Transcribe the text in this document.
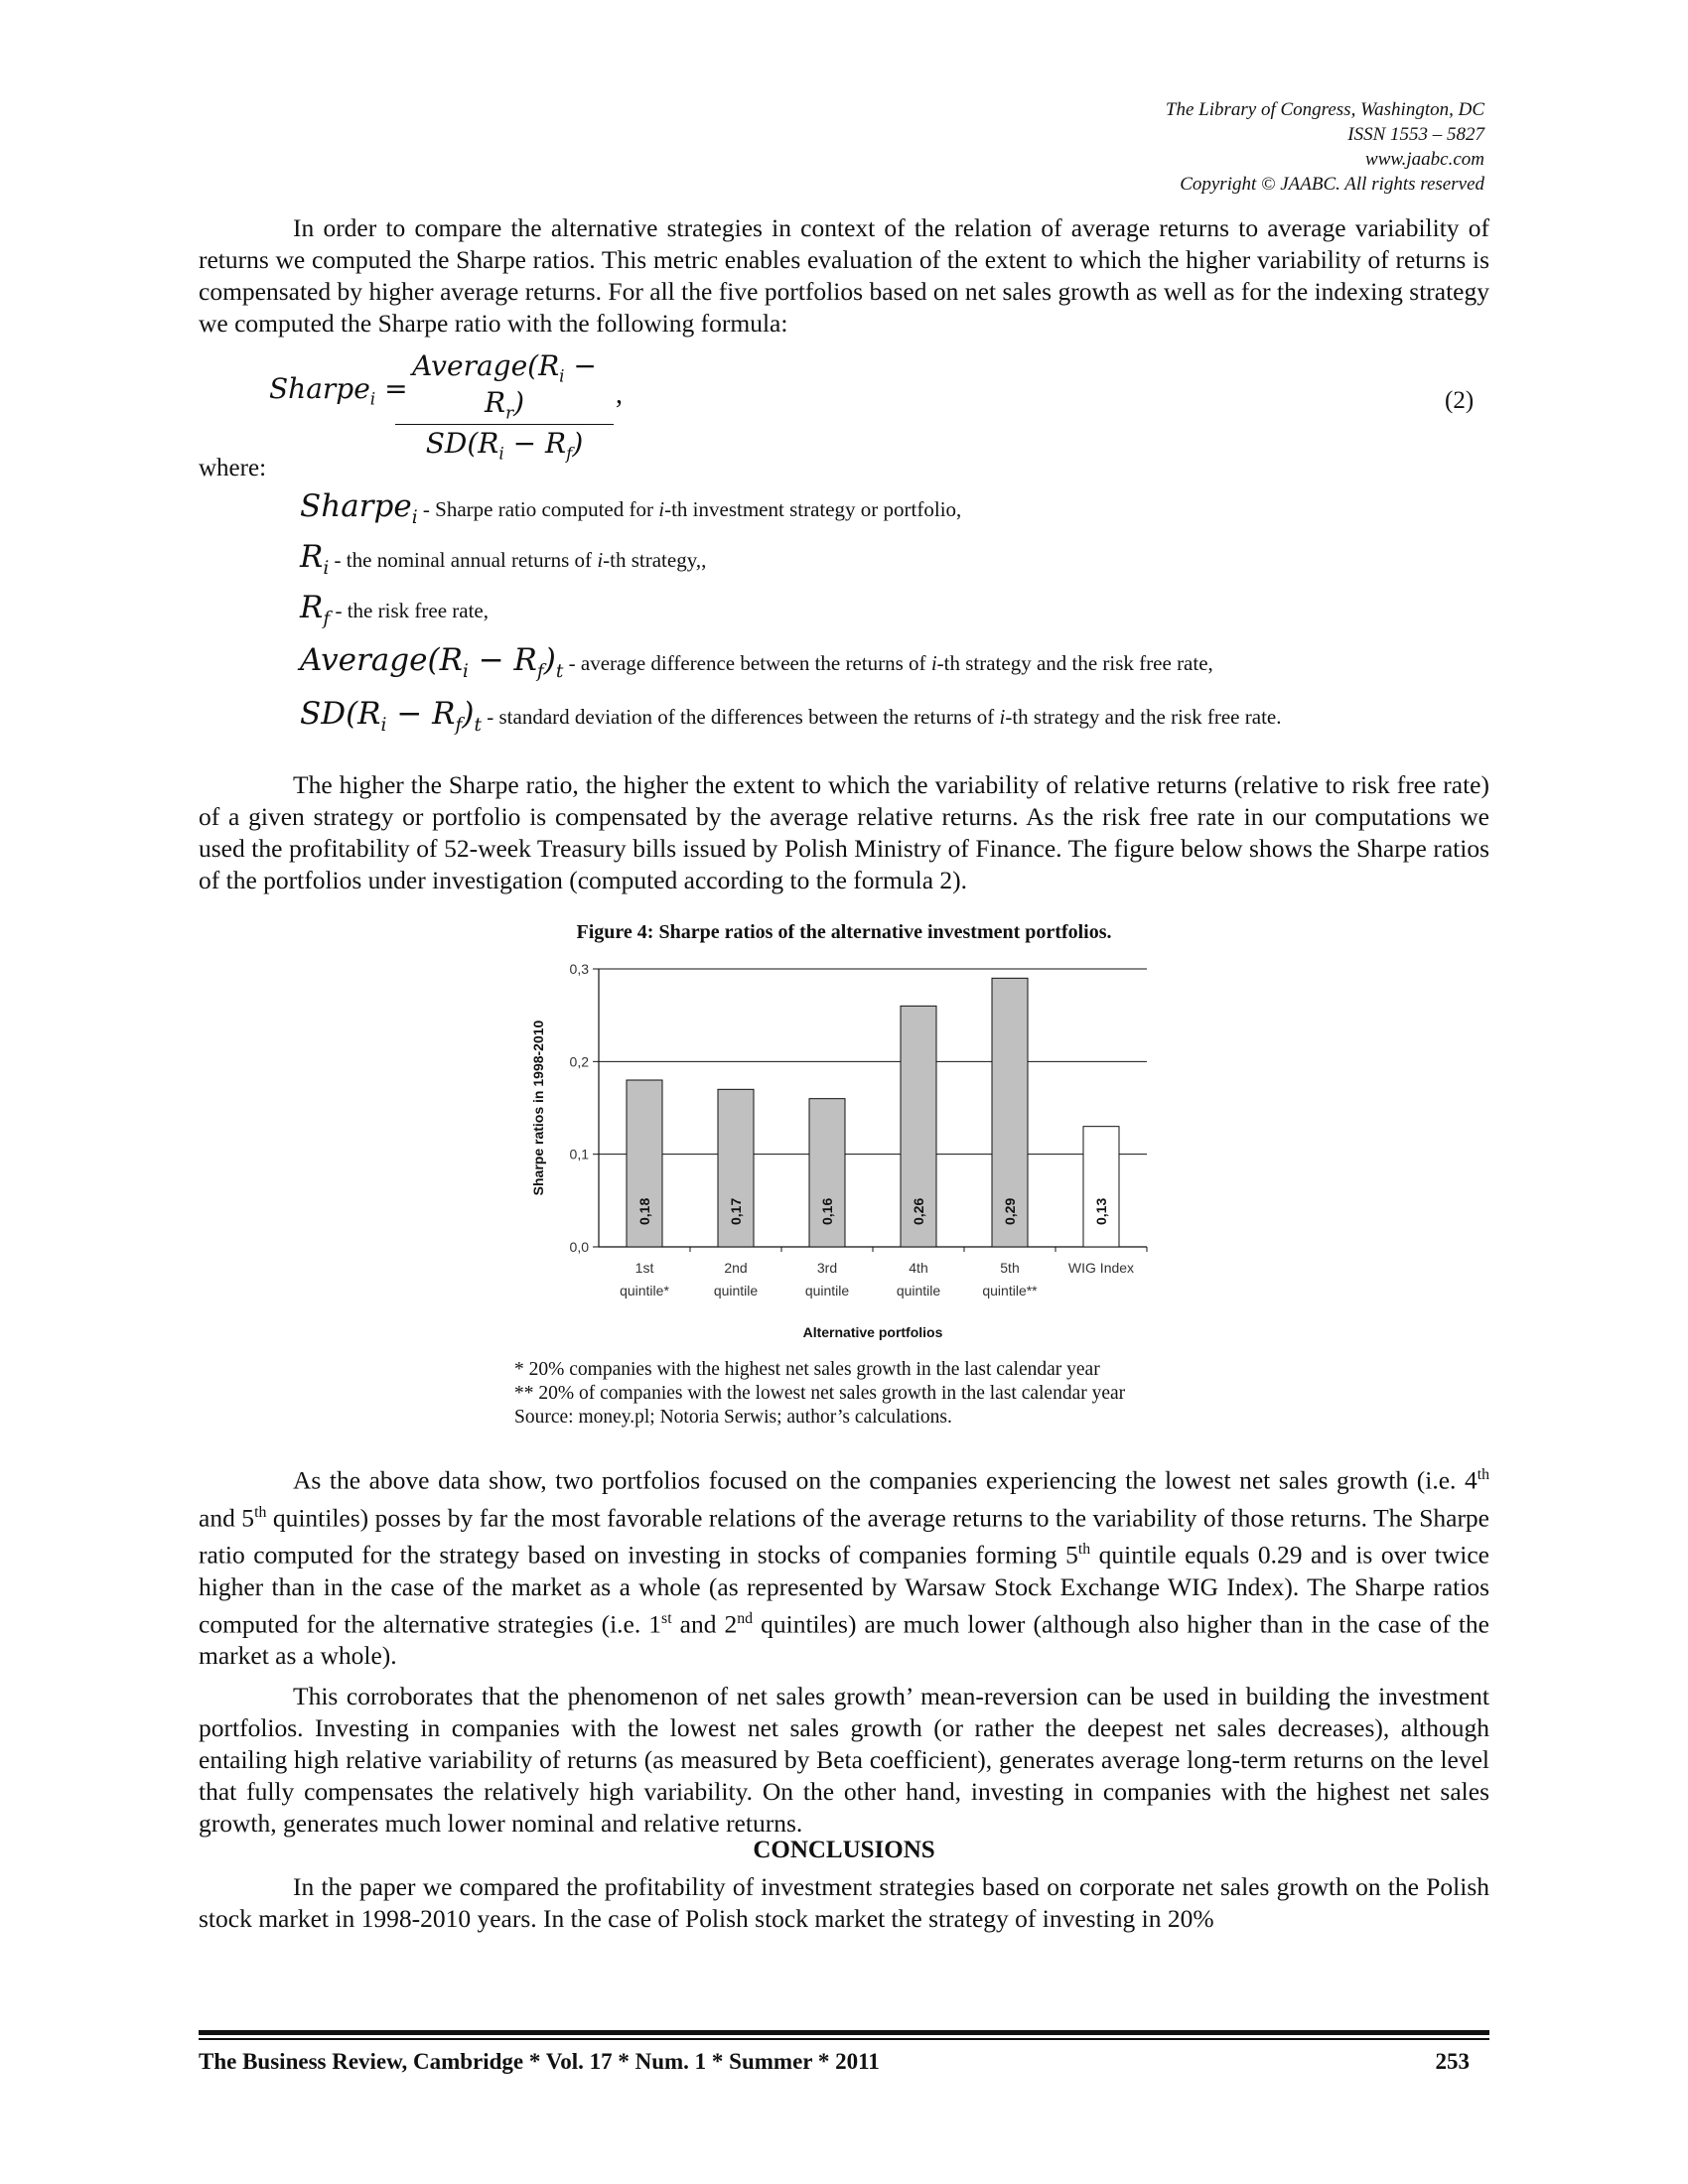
The Library of Congress, Washington, DC
ISSN 1553 – 5827
www.jaabc.com
Copyright © JAABC. All rights reserved

In order to compare the alternative strategies in context of the relation of average returns to average variability of returns we computed the Sharpe ratios. This metric enables evaluation of the extent to which the higher variability of returns is compensated by higher average returns. For all the five portfolios based on net sales growth as well as for the indexing strategy we computed the Sharpe ratio with the following formula:

Sharpe$_i$ =
$Average(R_i - R_r)$
$SD(R_i - R_f)$
,	(2)
where:
Sharpe$_i$ - Sharpe ratio computed for i-th investment strategy or portfolio,
$R_i$ - the nominal annual returns of i-th strategy,,
$R_f$ - the risk free rate,
$Average(R_i - R_f)_t$ - average difference between the returns of i-th strategy and the risk free rate,
$SD(R_i - R_f)_t$ - standard deviation of the differences between the returns of i-th strategy and the risk free rate.

The higher the Sharpe ratio, the higher the extent to which the variability of relative returns (relative to risk free rate) of a given strategy or portfolio is compensated by the average relative returns. As the risk free rate in our computations we used the profitability of 52-week Treasury bills issued by Polish Ministry of Finance. The figure below shows the Sharpe ratios of the portfolios under investigation (computed according to the formula 2).

Figure 4: Sharpe ratios of the alternative investment portfolios.
0,0
0,1
0,2
0,3
0,18
1st
quintile*
0,17
2nd
quintile
0,16
3rd
quintile
0,26
4th
quintile
0,29
5th
quintile**
0,13
WIG Index
Alternative portfolios
Sharpe ratios in 1998-2010
* 20% companies with the highest net sales growth in the last calendar year
** 20% of companies with the lowest net sales growth in the last calendar year
Source: money.pl; Notoria Serwis; author’s calculations.

As the above data show, two portfolios focused on the companies experiencing the lowest net sales growth (i.e. 4th and 5th quintiles) posses by far the most favorable relations of the average returns to the variability of those returns. The Sharpe ratio computed for the strategy based on investing in stocks of companies forming 5th quintile equals 0.29 and is over twice higher than in the case of the market as a whole (as represented by Warsaw Stock Exchange WIG Index). The Sharpe ratios computed for the alternative strategies (i.e. 1st and 2nd quintiles) are much lower (although also higher than in the case of the market as a whole).

This corroborates that the phenomenon of net sales growth’ mean-reversion can be used in building the investment portfolios. Investing in companies with the lowest net sales growth (or rather the deepest net sales decreases), although entailing high relative variability of returns (as measured by Beta coefficient), generates average long-term returns on the level that fully compensates the relatively high variability. On the other hand, investing in companies with the highest net sales growth, generates much lower nominal and relative returns.

CONCLUSIONS

In the paper we compared the profitability of investment strategies based on corporate net sales growth on the Polish stock market in 1998-2010 years. In the case of Polish stock market the strategy of investing in 20%

The Business Review, Cambridge * Vol. 17 * Num. 1 * Summer * 2011	253
